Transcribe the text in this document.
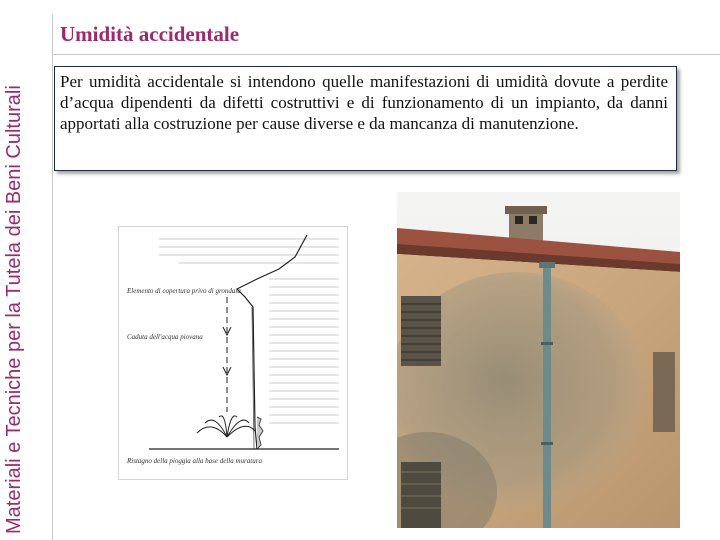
Materiali e Tecniche per la Tutela dei Beni Culturali
Umidità accidentale
Per umidità accidentale si intendono quelle manifestazioni di umidità dovute a perdite d’acqua dipendenti da difetti costruttivi e di funzionamento di un impianto, da danni apportati alla costruzione per cause diverse e da mancanza di manutenzione.
Elemento di copertura privo di grondaia
Caduta dell'acqua piovana
Ristagno della pioggia alla base della muratura
